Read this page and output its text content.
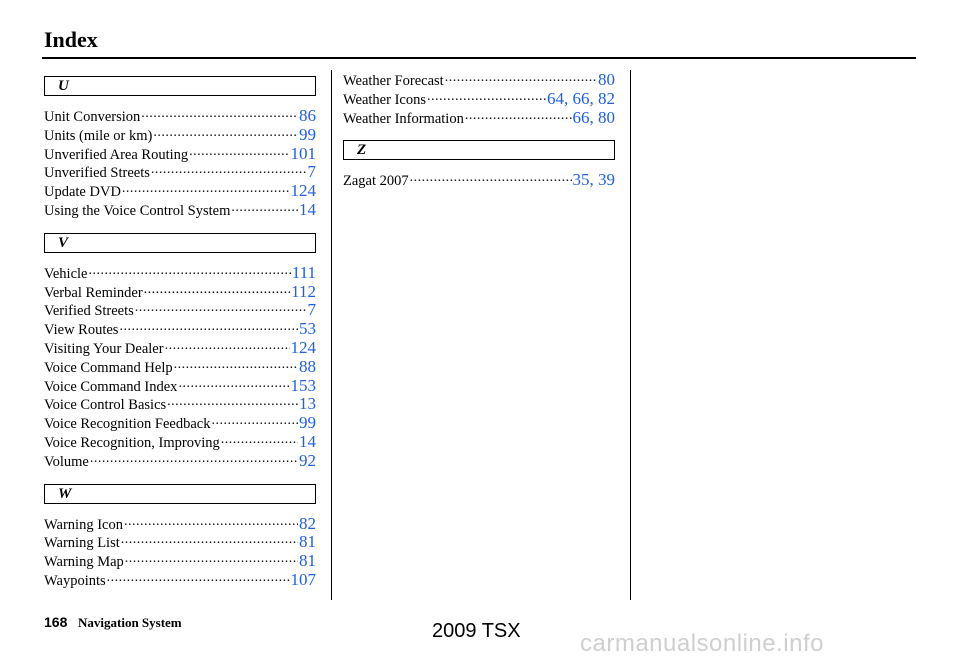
Index
U
Unit Conversion .....	86
Units (mile or km) .....	99
Unverified Area Routing .....	101
Unverified Streets .....	7
Update DVD .....	124
Using the Voice Control System .....	14
V
Vehicle .....	111
Verbal Reminder .....	112
Verified Streets .....	7
View Routes .....	53
Visiting Your Dealer .....	124
Voice Command Help .....	88
Voice Command Index .....	153
Voice Control Basics .....	13
Voice Recognition Feedback .....	99
Voice Recognition, Improving .....	14
Volume .....	92
W
Warning Icon .....	82
Warning List .....	81
Warning Map .....	81
Waypoints .....	107
Weather Forecast .....	80
Weather Icons .....	64, 66, 82
Weather Information .....	66, 80
Z
Zagat 2007 .....	35, 39
168 Navigation System	2009 TSX carmanualsonline.info
